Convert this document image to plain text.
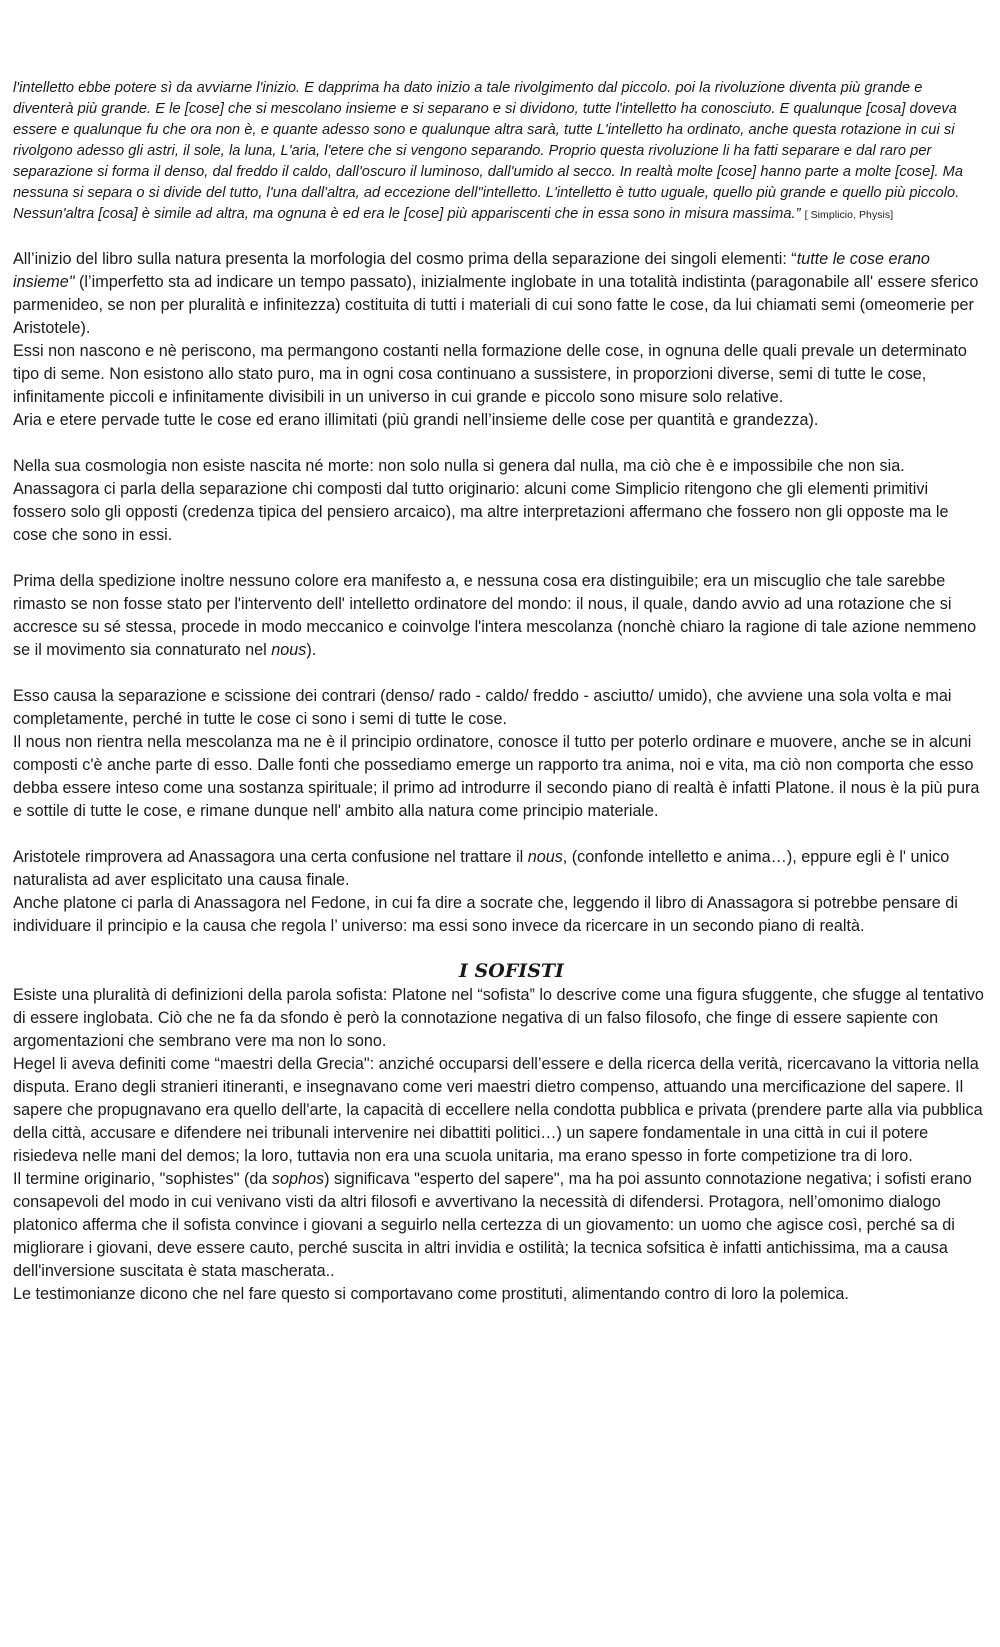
l'intelletto ebbe potere sì da avviarne l'inizio. E dapprima ha dato inizio a tale rivolgimento dal piccolo. poi la rivoluzione diventa più grande e diventerà più grande. E le [cose] che si mescolano insieme e si separano e si dividono, tutte l'intelletto ha conosciuto. E qualunque [cosa] doveva essere e qualunque fu che ora non è, e quante adesso sono e qualunque altra sarà, tutte L'intelletto ha ordinato, anche questa rotazione in cui si rivolgono adesso gli astri, il sole, la luna, L'aria, l'etere che si vengono separando. Proprio questa rivoluzione li ha fatti separare e dal raro per separazione si forma il denso, dal freddo il caldo, dall'oscuro il luminoso, dall'umido al secco. In realtà molte [cose] hanno parte a molte [cose]. Ma nessuna si separa o si divide del tutto, l'una dall'altra, ad eccezione dell"intelletto. L'intelletto è tutto uguale, quello più grande e quello più piccolo. Nessun'altra [cosa] è simile ad altra, ma ognuna è ed era le [cose] più appariscenti che in essa sono in misura massima.” [ Simplicio, Physis]

All’inizio del libro sulla natura presenta la morfologia del cosmo prima della separazione dei singoli elementi: “tutte le cose erano insieme" (l’imperfetto sta ad indicare un tempo passato), inizialmente inglobate in una totalità indistinta (paragonabile all' essere sferico parmenideo, se non per pluralità e infinitezza) costituita di tutti i materiali di cui sono fatte le cose, da lui chiamati semi (omeomerie per Aristotele).

Essi non nascono e nè periscono, ma permangono costanti nella formazione delle cose, in ognuna delle quali prevale un determinato tipo di seme. Non esistono allo stato puro, ma in ogni cosa continuano a sussistere, in proporzioni diverse, semi di tutte le cose, infinitamente piccoli e infinitamente divisibili in un universo in cui grande e piccolo sono misure solo relative.

Aria e etere pervade tutte le cose ed erano illimitati (più grandi nell’insieme delle cose per quantità e grandezza).

Nella sua cosmologia non esiste nascita né morte: non solo nulla si genera dal nulla, ma ciò che è e impossibile che non sia.

Anassagora ci parla della separazione chi composti dal tutto originario: alcuni come Simplicio ritengono che gli elementi primitivi fossero solo gli opposti (credenza tipica del pensiero arcaico), ma altre interpretazioni affermano che fossero non gli opposte ma le cose che sono in essi.

Prima della spedizione inoltre nessuno colore era manifesto a, e nessuna cosa era distinguibile; era un miscuglio che tale sarebbe rimasto se non fosse stato per l'intervento dell' intelletto ordinatore del mondo: il nous, il quale, dando avvio ad una rotazione che si accresce su sé stessa, procede in modo meccanico e coinvolge l'intera mescolanza (nonchè chiaro la ragione di tale azione nemmeno se il movimento sia connaturato nel nous).

Esso causa la separazione e scissione dei contrari (denso/ rado - caldo/ freddo - asciutto/ umido), che avviene una sola volta e mai completamente, perché in tutte le cose ci sono i semi di tutte le cose.

Il nous non rientra nella mescolanza ma ne è il principio ordinatore, conosce il tutto per poterlo ordinare e muovere, anche se in alcuni composti c'è anche parte di esso. Dalle fonti che possediamo emerge un rapporto tra anima, noi e vita, ma ciò non comporta che esso debba essere inteso come una sostanza spirituale; il primo ad introdurre il secondo piano di realtà è infatti Platone. il nous è la più pura e sottile di tutte le cose, e rimane dunque nell' ambito alla natura come principio materiale.

Aristotele rimprovera ad Anassagora una certa confusione nel trattare il nous, (confonde intelletto e anima…), eppure egli è l' unico naturalista ad aver esplicitato una causa finale.

Anche platone ci parla di Anassagora nel Fedone, in cui fa dire a socrate che, leggendo il libro di Anassagora si potrebbe pensare di individuare il principio e la causa che regola l’ universo: ma essi sono invece da ricercare in un secondo piano di realtà.

I SOFISTI

Esiste una pluralità di definizioni della parola sofista: Platone nel “sofista” lo descrive come una figura sfuggente, che sfugge al tentativo di essere inglobata. Ciò che ne fa da sfondo è però la connotazione negativa di un falso filosofo, che finge di essere sapiente con argomentazioni che sembrano vere ma non lo sono.

Hegel li aveva definiti come “maestri della Grecia": anziché occuparsi dell’essere e della ricerca della verità, ricercavano la vittoria nella disputa. Erano degli stranieri itineranti, e insegnavano come veri maestri dietro compenso, attuando una mercificazione del sapere. Il sapere che propugnavano era quello dell'arte, la capacità di eccellere nella condotta pubblica e privata (prendere parte alla via pubblica della città, accusare e difendere nei tribunali intervenire nei dibattiti politici…) un sapere fondamentale in una città in cui il potere risiedeva nelle mani del demos; la loro, tuttavia non era una scuola unitaria, ma erano spesso in forte competizione tra di loro.

Il termine originario, "sophistes" (da sophos) significava "esperto del sapere", ma ha poi assunto connotazione negativa; i sofisti erano consapevoli del modo in cui venivano visti da altri filosofi e avvertivano la necessità di difendersi. Protagora, nell’omonimo dialogo platonico afferma che il sofista convince i giovani a seguirlo nella certezza di un giovamento: un uomo che agisce così, perché sa di migliorare i giovani, deve essere cauto, perché suscita in altri invidia e ostilità; la tecnica sofsitica è infatti antichissima, ma a causa dell'inversione suscitata è stata mascherata..

Le testimonianze dicono che nel fare questo si comportavano come prostituti, alimentando contro di loro la polemica.
